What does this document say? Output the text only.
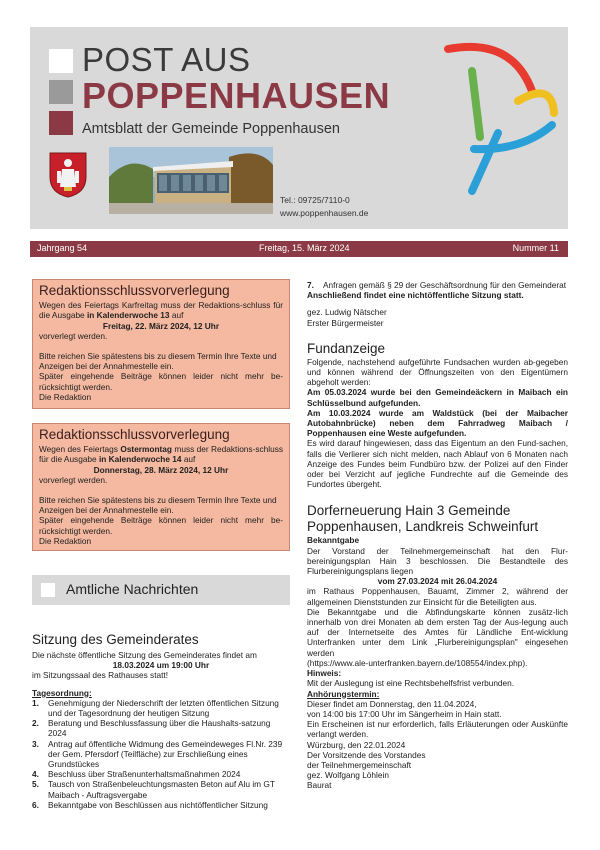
POST AUS
POPPENHAUSEN
Amtsblatt der Gemeinde Poppenhausen
Tel.: 09725/7110-0
www.poppenhausen.de
Jahrgang 54	Freitag, 15. März 2024	Nummer 11
Redaktionsschlussvorverlegung
Wegen des Feiertags Karfreitag muss der Redaktions-schluss für die Ausgabe in Kalenderwoche 13 auf
Freitag, 22. März 2024, 12 Uhr
vorverlegt werden.
Bitte reichen Sie spätestens bis zu diesem Termin Ihre Texte und Anzeigen bei der Annahmestelle ein.
Später eingehende Beiträge können leider nicht mehr be-rücksichtigt werden.
Die Redaktion
Redaktionsschlussvorverlegung
Wegen des Feiertags Ostermontag muss der Redaktions-schluss für die Ausgabe in Kalenderwoche 14 auf
Donnerstag, 28. März 2024, 12 Uhr
vorverlegt werden.
Bitte reichen Sie spätestens bis zu diesem Termin Ihre Texte und Anzeigen bei der Annahmestelle ein.
Später eingehende Beiträge können leider nicht mehr be-rücksichtigt werden.
Die Redaktion
Amtliche Nachrichten
Sitzung des Gemeinderates
Die nächste öffentliche Sitzung des Gemeinderates findet am
18.03.2024 um 19:00 Uhr
im Sitzungssaal des Rathauses statt!
Tagesordnung:
1. Genehmigung der Niederschrift der letzten öffentlichen Sitzung und der Tagesordnung der heutigen Sitzung
2. Beratung und Beschlussfassung über die Haushalts-satzung 2024
3. Antrag auf öffentliche Widmung des Gemeindeweges Fl.Nr. 239 der Gem. Pfersdorf (Teilfläche) zur Erschließung eines Grundstückes
4. Beschluss über Straßenunterhaltsmaßnahmen 2024
5. Tausch von Straßenbeleuchtungsmasten Beton auf Alu im GT Maibach - Auftragsvergabe
6. Bekanntgabe von Beschlüssen aus nichtöffentlicher Sitzung
7. Anfragen gemäß § 29 der Geschäftsordnung für den Gemeinderat
Anschließend findet eine nichtöffentliche Sitzung statt.
gez. Ludwig Nätscher
Erster Bürgermeister
Fundanzeige
Folgende, nachstehend aufgeführte Fundsachen wurden ab-gegeben und können während der Öffnungszeiten von den Eigentümern abgeholt werden:
Am 05.03.2024 wurde bei den Gemeindeäckern in Maibach ein Schlüsselbund aufgefunden.
Am 10.03.2024 wurde am Waldstück (bei der Maibacher Autobahnbrücke) neben dem Fahrradweg Maibach / Poppenhausen eine Weste aufgefunden.
Es wird darauf hingewiesen, dass das Eigentum an den Fund-sachen, falls die Verlierer sich nicht melden, nach Ablauf von 6 Monaten nach Anzeige des Fundes beim Fundbüro bzw. der Polizei auf den Finder oder bei Verzicht auf jegliche Fundrechte auf die Gemeinde des Fundortes übergeht.
Dorferneuerung Hain 3 Gemeinde
Poppenhausen, Landkreis Schweinfurt
Bekanntgabe
Der Vorstand der Teilnehmergemeinschaft hat den Flur-bereinigungsplan Hain 3 beschlossen. Die Bestandteile des Flurbereinigungsplans liegen
vom 27.03.2024 mit 26.04.2024
im Rathaus Poppenhausen, Bauamt, Zimmer 2, während der allgemeinen Dienststunden zur Einsicht für die Beteiligten aus.
Die Bekanntgabe und die Abfindungskarte können zusätz-lich innerhalb von drei Monaten ab dem ersten Tag der Aus-legung auch auf der Internetseite des Amtes für Ländliche Ent-wicklung Unterfranken unter dem Link „Flurbereinigungsplan" eingesehen werden
(https://www.ale-unterfranken.bayern.de/108554/index.php).
Hinweis:
Mit der Auslegung ist eine Rechtsbehelfsfrist verbunden.
Anhörungstermin:
Dieser findet am Donnerstag, den 11.04.2024,
von 14:00 bis 17:00 Uhr im Sängerheim in Hain statt.
Ein Erscheinen ist nur erforderlich, falls Erläuterungen oder Auskünfte verlangt werden.
Würzburg, den 22.01.2024
Der Vorsitzende des Vorstandes
der Teilnehmergemeinschaft
gez. Wolfgang Löhlein
Baurat
